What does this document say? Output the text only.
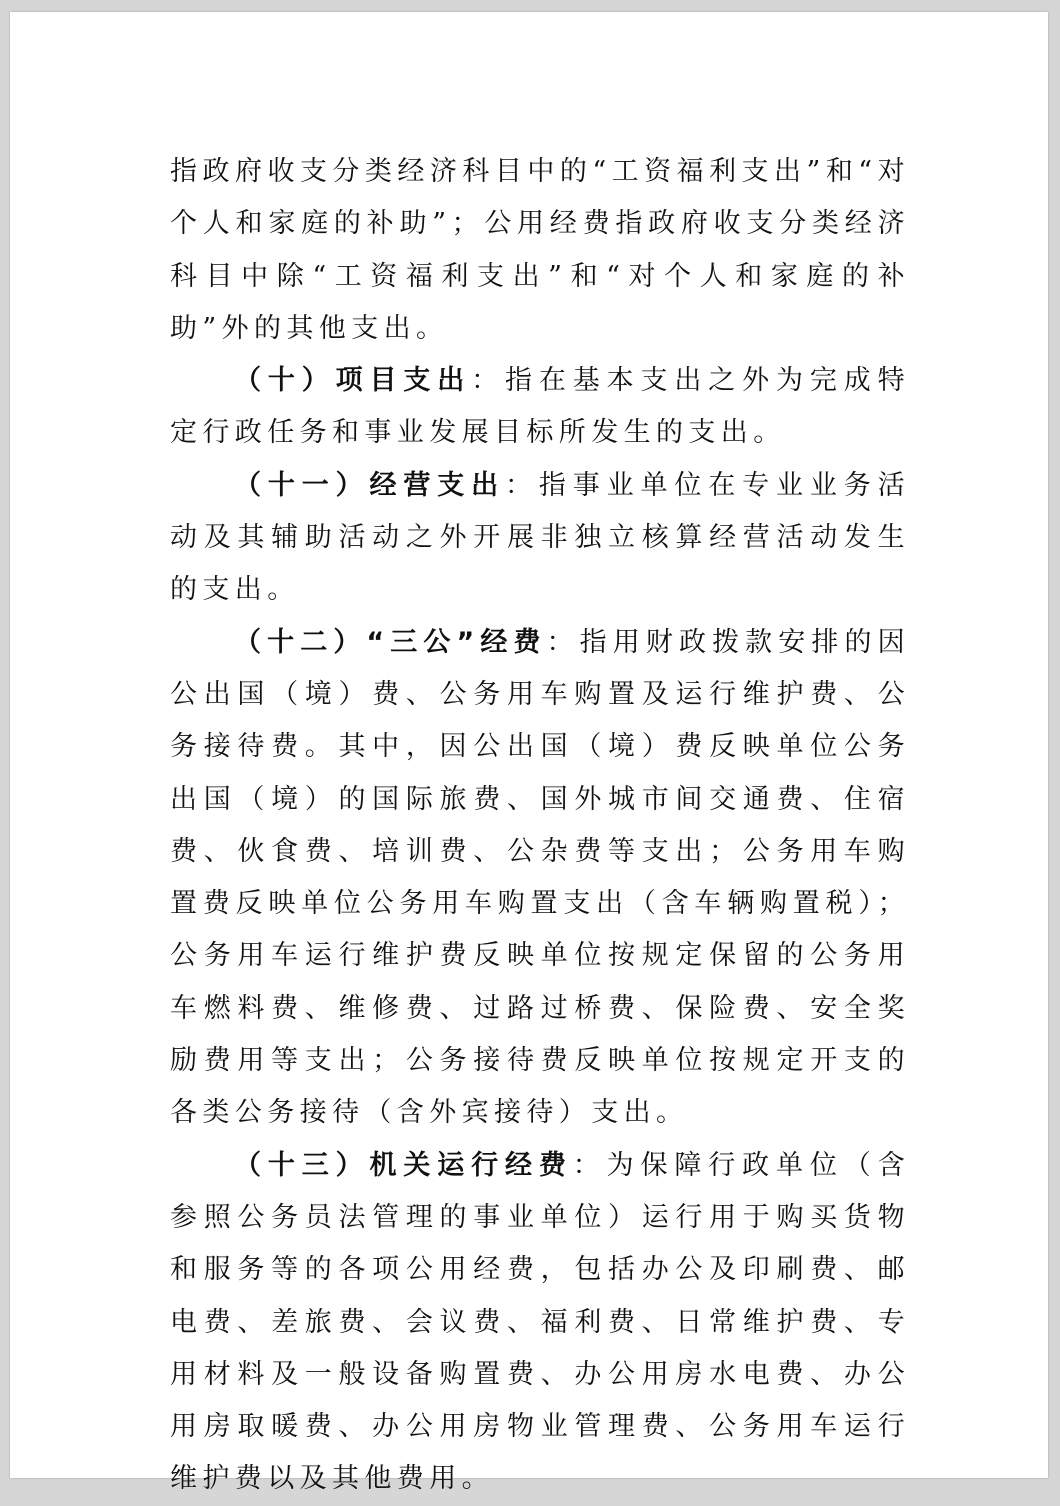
指政府收支分类经济科目中的“工资福利支出”和“对个人和家庭的补助”；公用经费指政府收支分类经济科目中除“工资福利支出”和“对个人和家庭的补助”外的其他支出。

（十）项目支出：指在基本支出之外为完成特定行政任务和事业发展目标所发生的支出。

（十一）经营支出：指事业单位在专业业务活动及其辅助活动之外开展非独立核算经营活动发生的支出。

（十二）“三公”经费：指用财政拨款安排的因公出国（境）费、公务用车购置及运行维护费、公务接待费。其中，因公出国（境）费反映单位公务出国（境）的国际旅费、国外城市间交通费、住宿费、伙食费、培训费、公杂费等支出；公务用车购置费反映单位公务用车购置支出（含车辆购置税）；公务用车运行维护费反映单位按规定保留的公务用车燃料费、维修费、过路过桥费、保险费、安全奖励费用等支出；公务接待费反映单位按规定开支的各类公务接待（含外宾接待）支出。

（十三）机关运行经费：为保障行政单位（含参照公务员法管理的事业单位）运行用于购买货物和服务等的各项公用经费，包括办公及印刷费、邮电费、差旅费、会议费、福利费、日常维护费、专用材料及一般设备购置费、办公用房水电费、办公用房取暖费、办公用房物业管理费、公务用车运行维护费以及其他费用。
